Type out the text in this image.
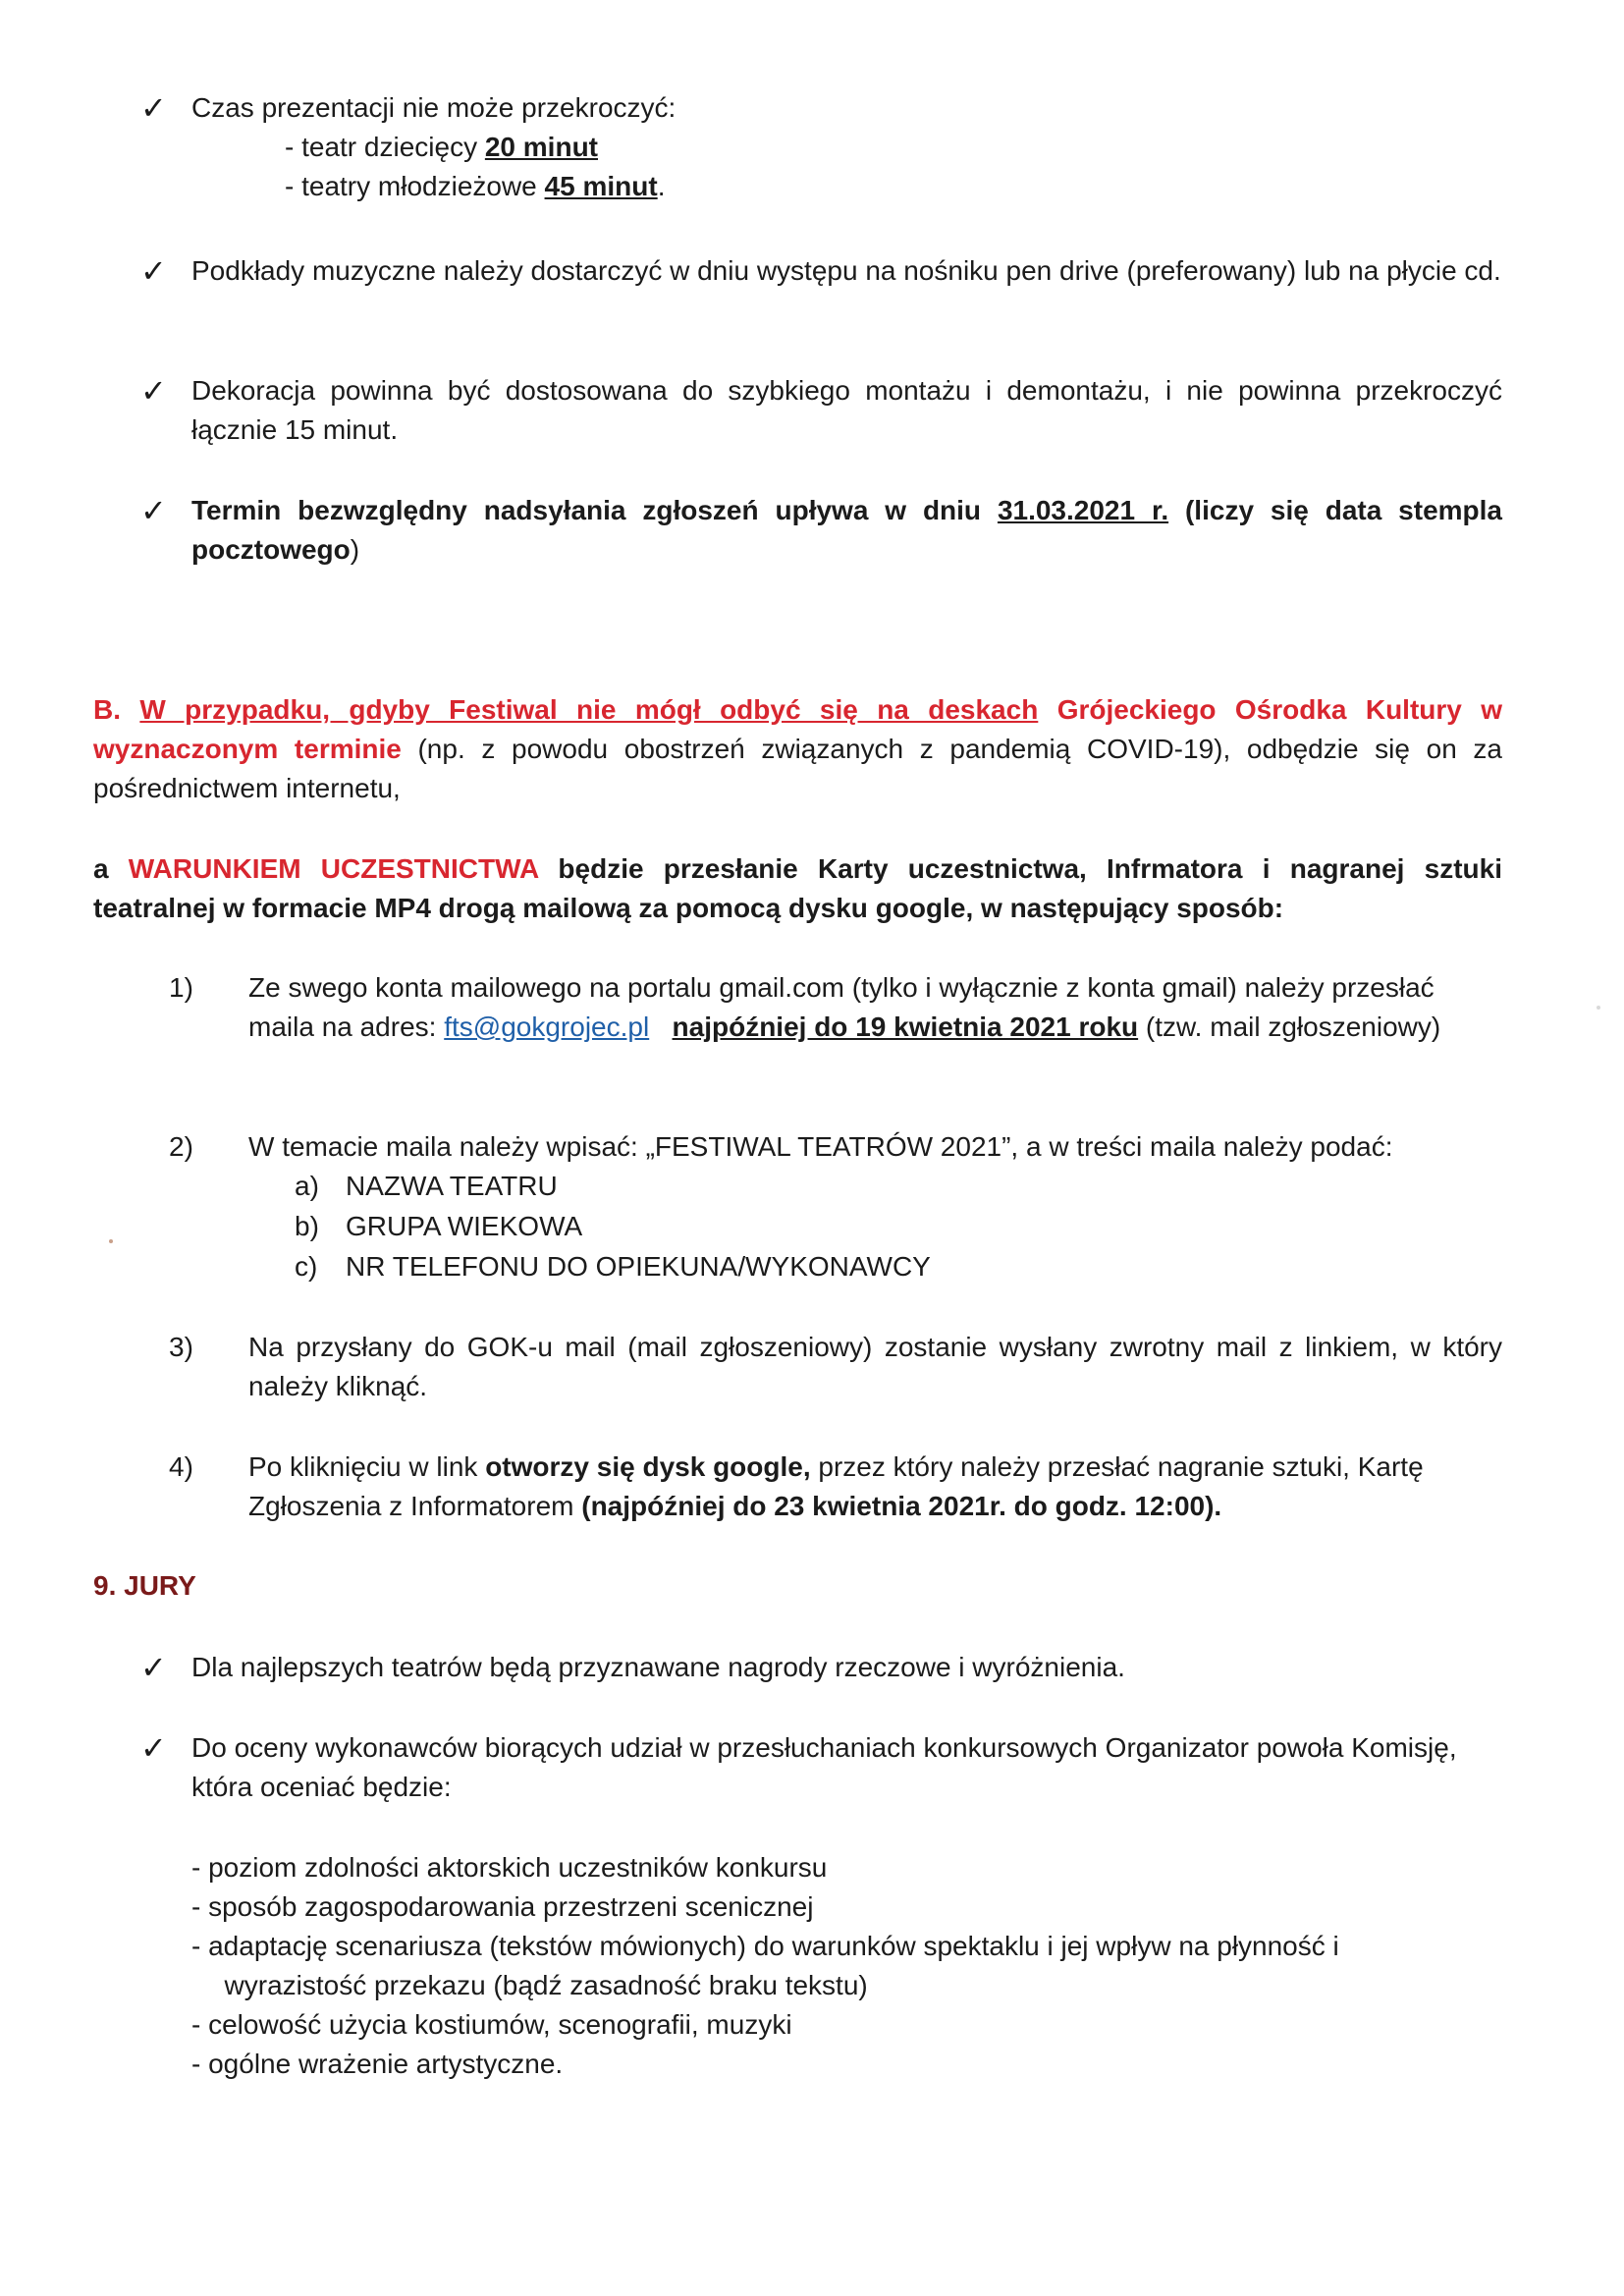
✓ Czas prezentacji nie może przekroczyć:
- teatr dziecięcy 20 minut
- teatry młodzieżowe 45 minut.
✓ Podkłady muzyczne należy dostarczyć w dniu występu na nośniku pen drive (preferowany) lub na płycie cd.
✓ Dekoracja powinna być dostosowana do szybkiego montażu i demontażu, i nie powinna przekroczyć łącznie 15 minut.
✓ Termin bezwzględny nadsyłania zgłoszeń upływa w dniu 31.03.2021 r. (liczy się data stempla pocztowego)
B. W przypadku, gdyby Festiwal nie mógł odbyć się na deskach Grójeckiego Ośrodka Kultury w wyznaczonym terminie (np. z powodu obostrzeń związanych z pandemią COVID-19), odbędzie się on za pośrednictwem internetu,
a WARUNKIEM UCZESTNICTWA będzie przesłanie Karty uczestnictwa, Infrmatora i nagranej sztuki teatralnej w formacie MP4 drogą mailową za pomocą dysku google, w następujący sposób:
1)	Ze swego konta mailowego na portalu gmail.com (tylko i wyłącznie z konta gmail) należy przesłać maila na adres: fts@gokgrojec.pl najpóźniej do 19 kwietnia 2021 roku (tzw. mail zgłoszeniowy)
2)	W temacie maila należy wpisać: „FESTIWAL TEATRÓW 2021”, a w treści maila należy podać:
a) NAZWA TEATRU
b) GRUPA WIEKOWA
c)	NR TELEFONU DO OPIEKUNA/WYKONAWCY
3)	Na przysłany do GOK-u mail (mail zgłoszeniowy) zostanie wysłany zwrotny mail z linkiem, w który należy kliknąć.
4)	Po kliknięciu w link otworzy się dysk google, przez który należy przesłać nagranie sztuki, Kartę Zgłoszenia z Informatorem (najpóźniej do 23 kwietnia 2021r. do godz. 12:00).
9. JURY
✓ Dla najlepszych teatrów będą przyznawane nagrody rzeczowe i wyróżnienia.
✓ Do oceny wykonawców biorących udział w przesłuchaniach konkursowych Organizator powoła Komisję, która oceniać będzie:
- poziom zdolności aktorskich uczestników konkursu
- sposób zagospodarowania przestrzeni scenicznej
- adaptację scenariusza (tekstów mówionych) do warunków spektaklu i jej wpływ na płynność i
wyrazistość przekazu (bądź zasadność braku tekstu)
- celowość użycia kostiumów, scenografii, muzyki
- ogólne wrażenie artystyczne.
